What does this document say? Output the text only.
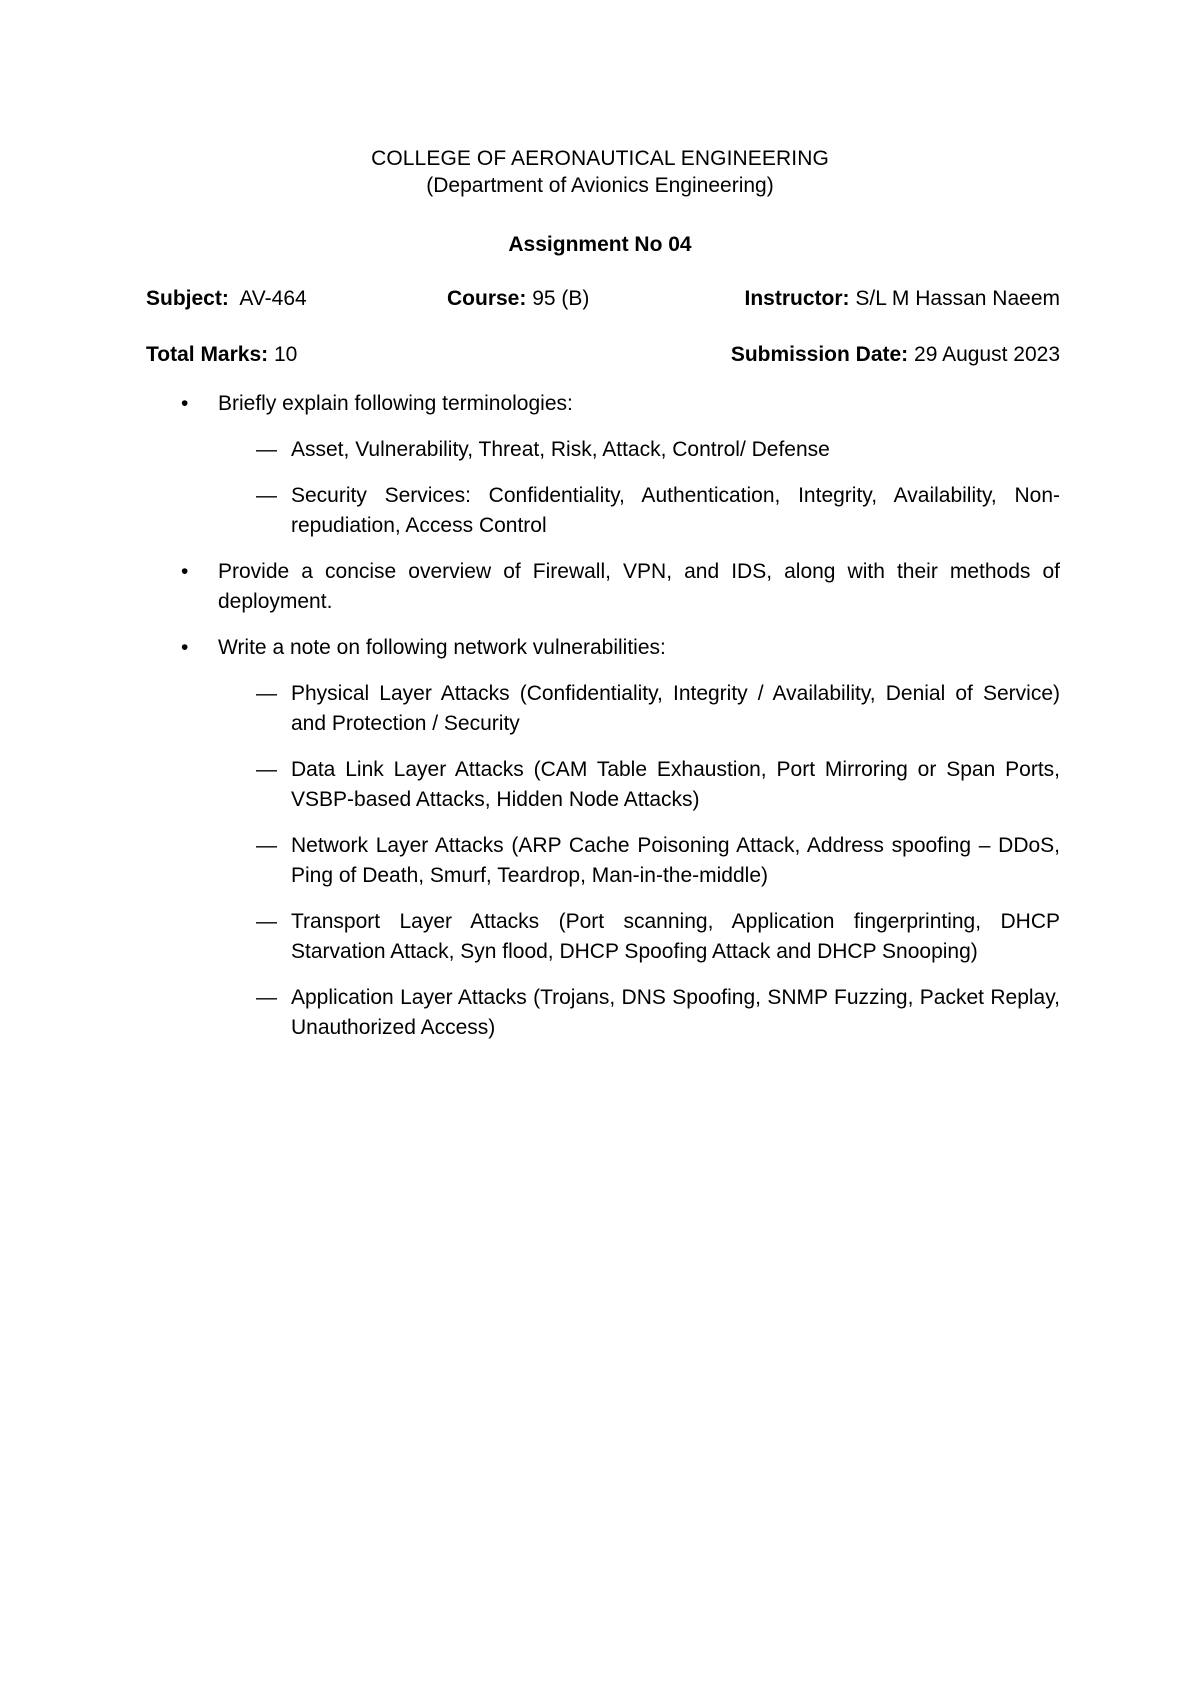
COLLEGE OF AERONAUTICAL ENGINEERING
(Department of Avionics Engineering)
Assignment No 04
Subject: AV-464	Course: 95 (B)	Instructor: S/L M Hassan Naeem
Total Marks: 10	Submission Date: 29 August 2023
• Briefly explain following terminologies:
— Asset, Vulnerability, Threat, Risk, Attack, Control/ Defense
— Security Services: Confidentiality, Authentication, Integrity, Availability, Non-repudiation, Access Control
• Provide a concise overview of Firewall, VPN, and IDS, along with their methods of deployment.
• Write a note on following network vulnerabilities:
— Physical Layer Attacks (Confidentiality, Integrity / Availability, Denial of Service) and Protection / Security
— Data Link Layer Attacks (CAM Table Exhaustion, Port Mirroring or Span Ports, VSBP-based Attacks, Hidden Node Attacks)
— Network Layer Attacks (ARP Cache Poisoning Attack, Address spoofing – DDoS, Ping of Death, Smurf, Teardrop, Man-in-the-middle)
— Transport Layer Attacks (Port scanning, Application fingerprinting, DHCP Starvation Attack, Syn flood, DHCP Spoofing Attack and DHCP Snooping)
— Application Layer Attacks (Trojans, DNS Spoofing, SNMP Fuzzing, Packet Replay, Unauthorized Access)
